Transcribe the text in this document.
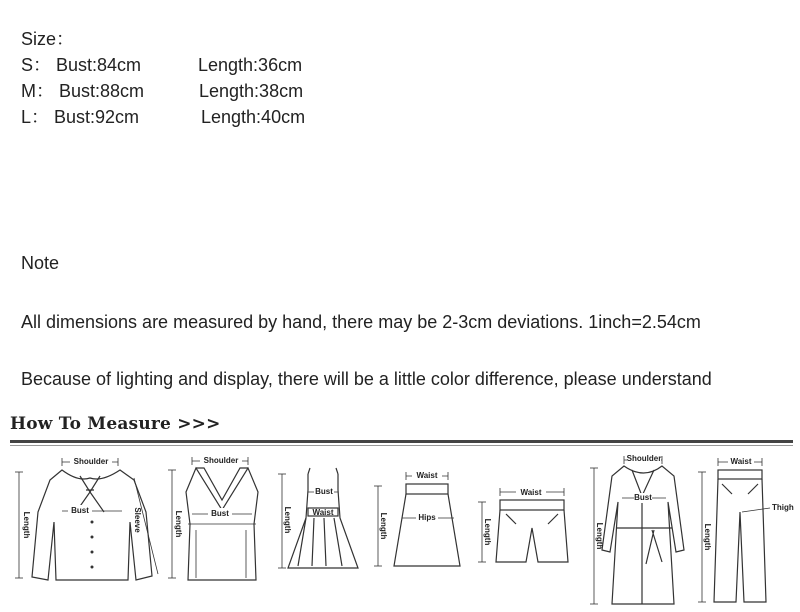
Size：
S： Bust:84cm	Length:36cm
M： Bust:88cm	Length:38cm
L： Bust:92cm	Length:40cm
Note
All dimensions are measured by hand, there may be 2-3cm deviations. 1inch=2.54cm
Because of lighting and display, there will be a little color difference, please understand
How To Measure >>>
Shoulder
Bust
Length	Sleeve
Shoulder
Bust
Length
Bust
Waist
Length
Waist
Hips
Length
Waist
Length
Shoulder
Bust
Length
Waist
Thigh
Length
